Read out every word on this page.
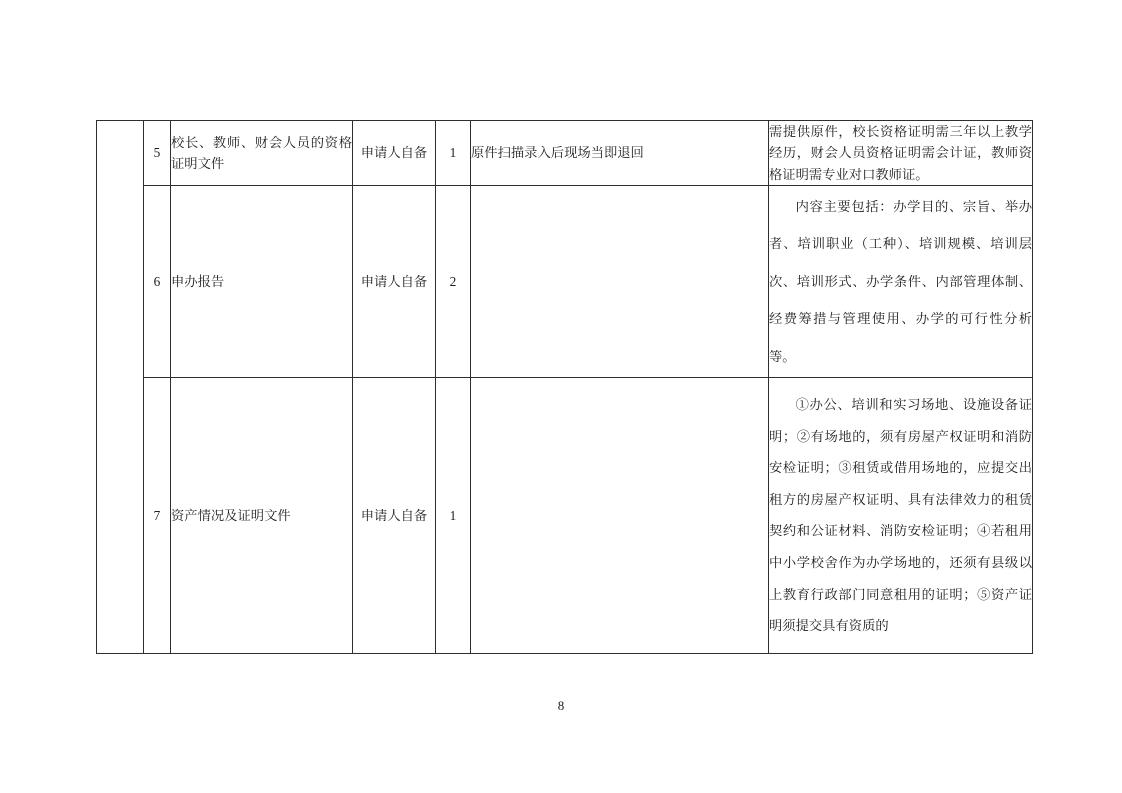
	5	校长、教师、财会人员的资格证明文件	申请人自备	1	原件扫描录入后现场当即退回	需提供原件，校长资格证明需三年以上教学经历，财会人员资格证明需会计证，教师资格证明需专业对口教师证。
	6	申办报告	申请人自备	2		内容主要包括：办学目的、宗旨、举办者、培训职业（工种）、培训规模、培训层次、培训形式、办学条件、内部管理体制、经费筹措与管理使用、办学的可行性分析等。
	7	资产情况及证明文件	申请人自备	1		①办公、培训和实习场地、设施设备证明；②有场地的，须有房屋产权证明和消防安检证明；③租赁或借用场地的，应提交出租方的房屋产权证明、具有法律效力的租赁契约和公证材料、消防安检证明；④若租用中小学校舍作为办学场地的，还须有县级以上教育行政部门同意租用的证明；⑤资产证明须提交具有资质的
8
